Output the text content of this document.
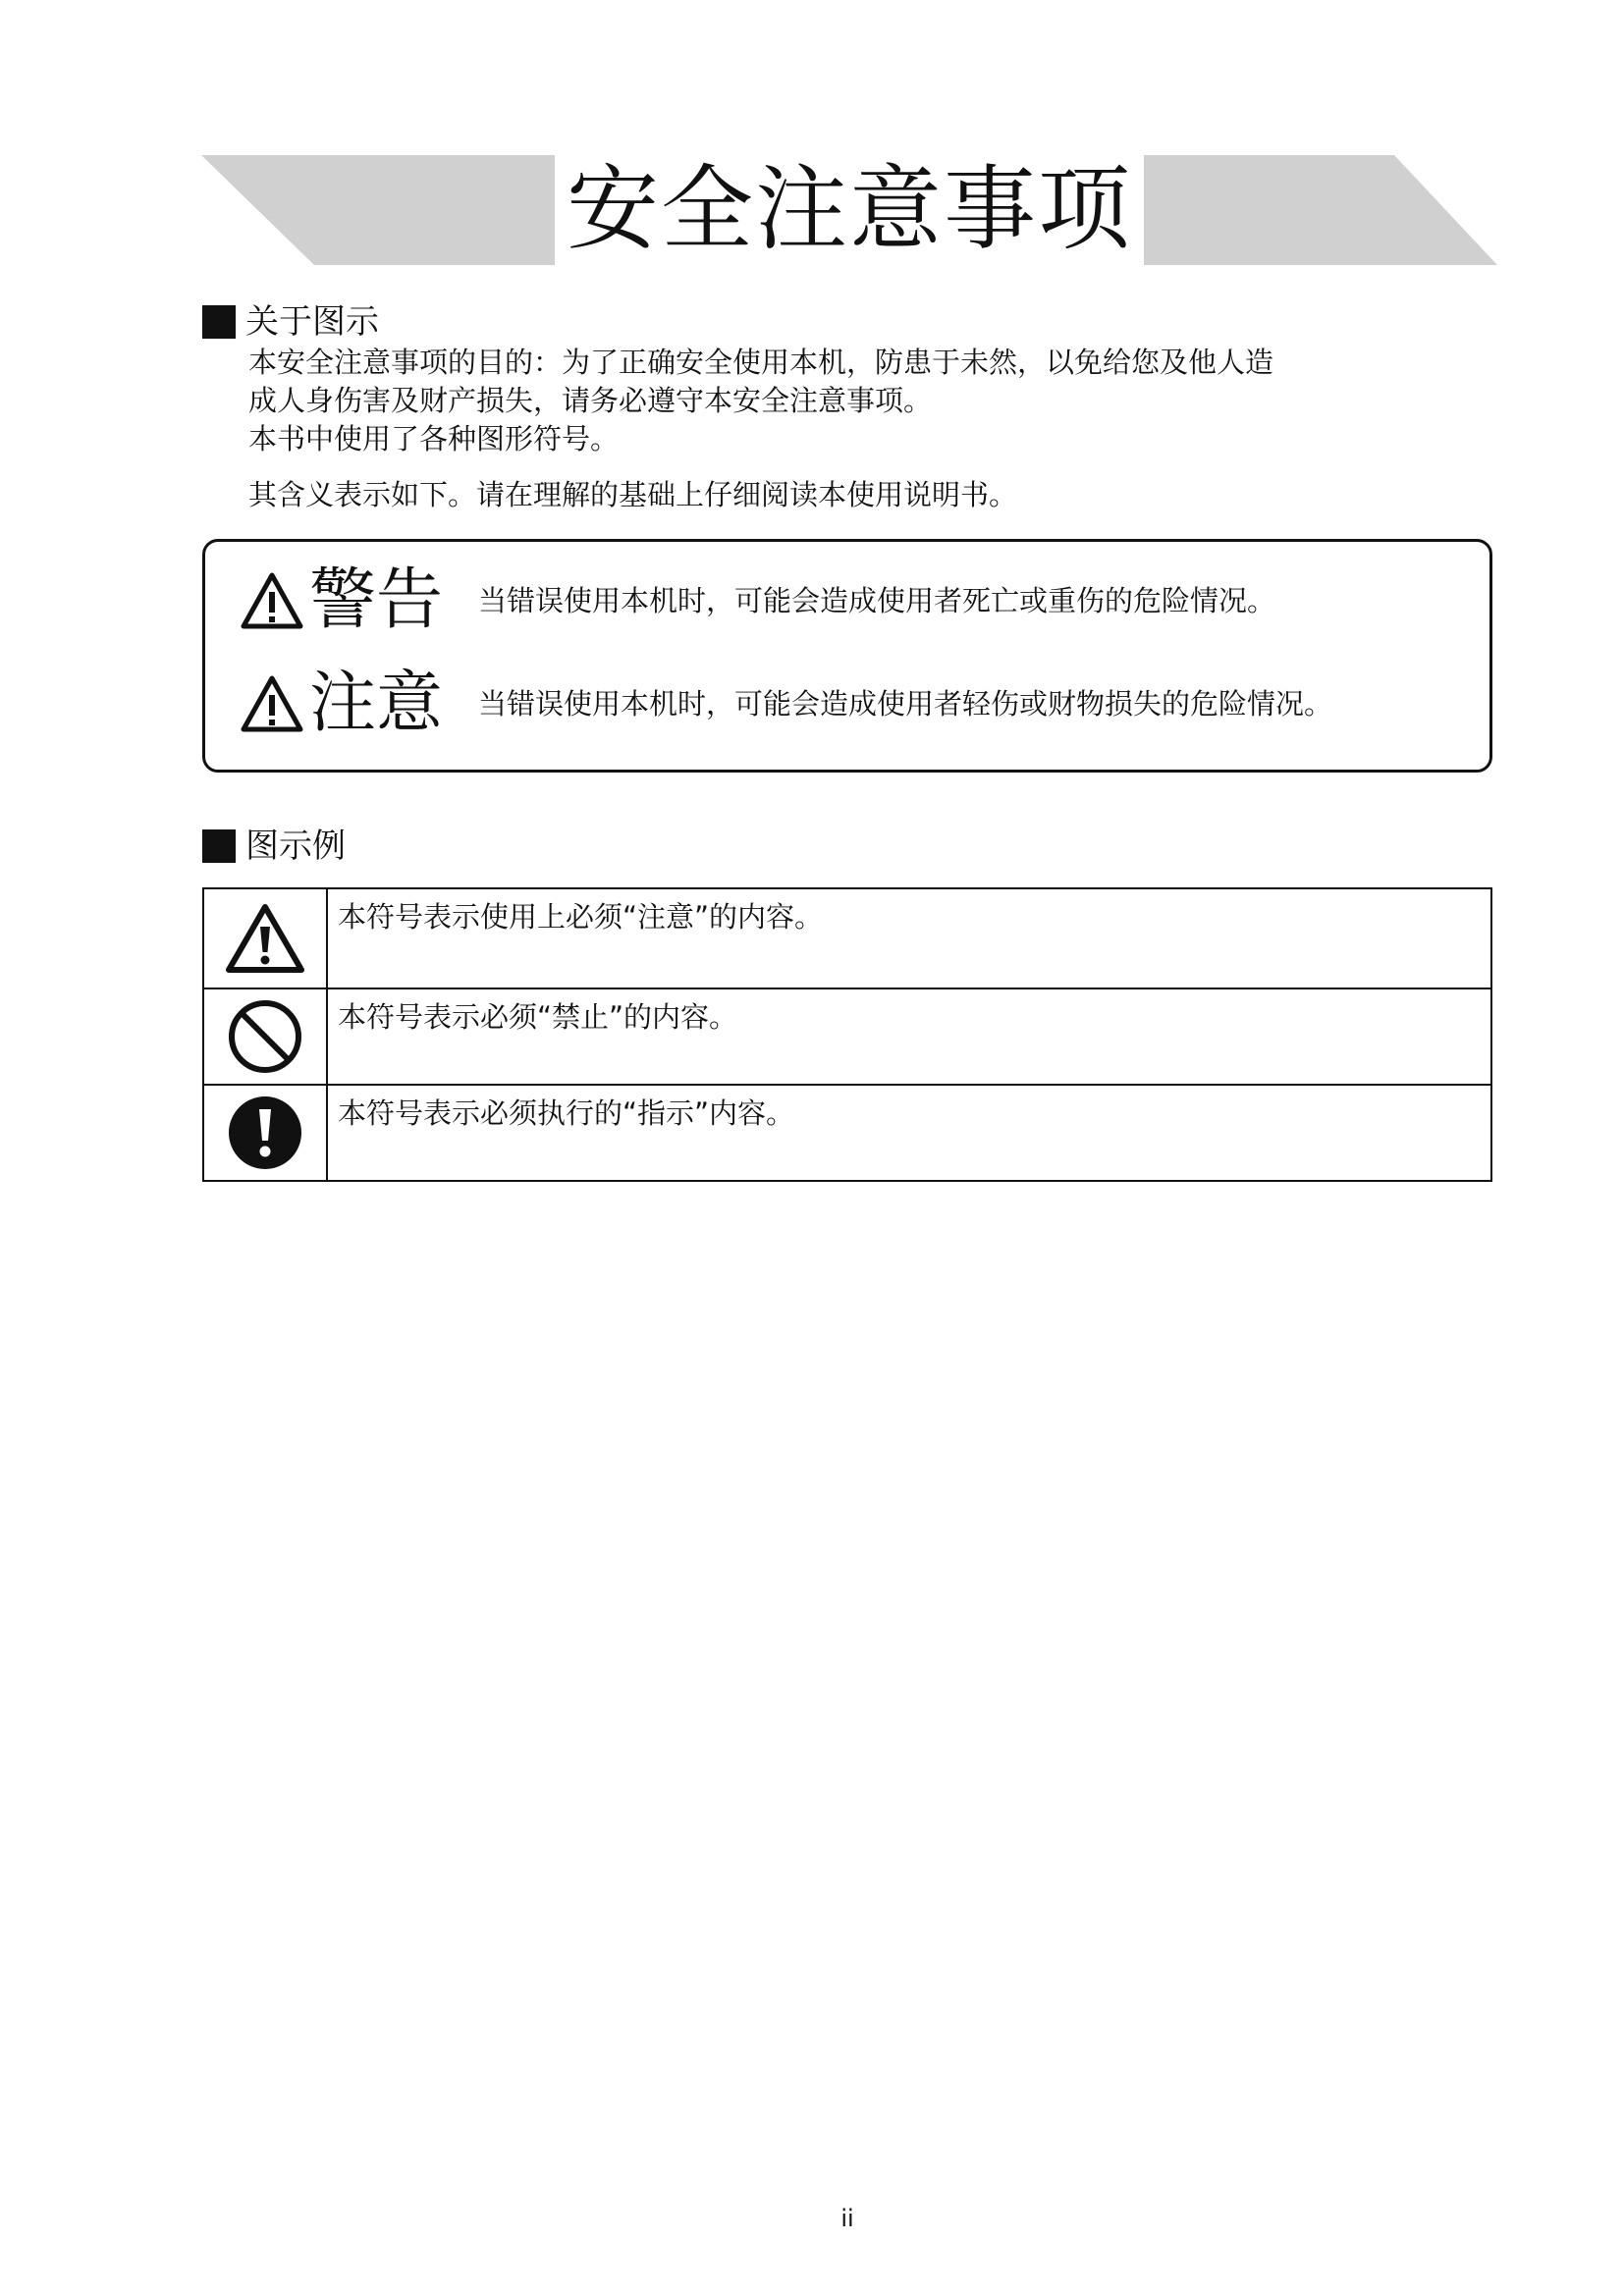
安全注意事项
关于图示

本安全注意事项的目的：为了正确安全使用本机，防患于未然，以免给您及他人造
成人身伤害及财产损失，请务必遵守本安全注意事项。

本书中使用了各种图形符号。

其含义表示如下。请在理解的基础上仔细阅读本使用说明书。

警告	当错误使用本机时，可能会造成使用者死亡或重伤的危险情况。
注意	当错误使用本机时，可能会造成使用者轻伤或财物损失的危险情况。
图示例
	本符号表示使用上必须“注意”的内容。

	本符号表示必须“禁止”的内容。

	本符号表示必须执行的“指示”内容。
ii
